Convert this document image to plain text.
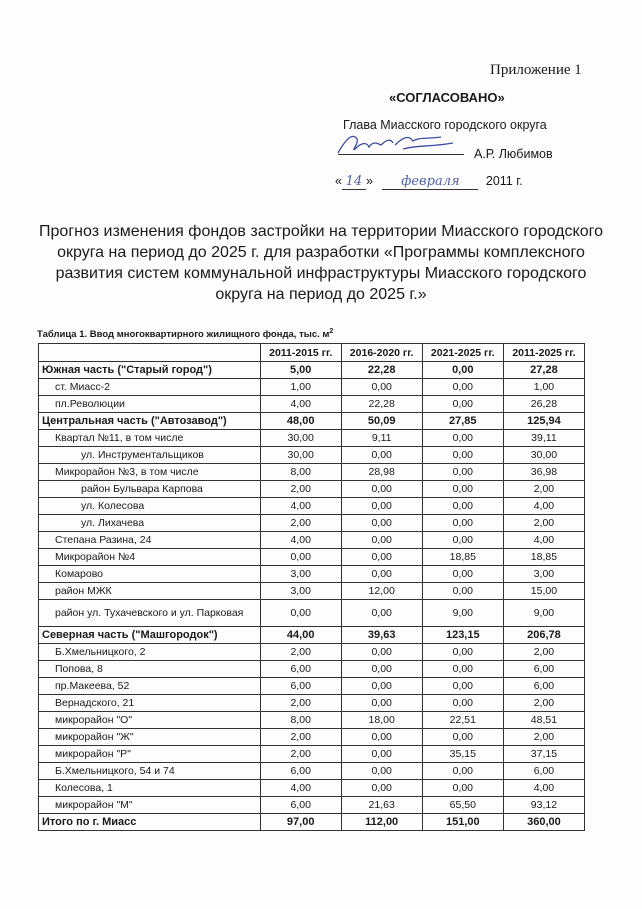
Приложение 1
«СОГЛАСОВАНО»
Глава Миасского городского округа
А.Р. Любимов
« 14 » февраля 2011 г.
Прогноз изменения фондов застройки на территории Миасского городского округа на период до 2025 г. для разработки «Программы комплексного развития систем коммунальной инфраструктуры Миасского городского округа на период до 2025 г.»
Таблица 1. Ввод многоквартирного жилищного фонда, тыс. $м^2$
	2011-2015 гг.	2016-2020 гг.	2021-2025 гг.	2011-2025 гг.
Южная часть ("Старый город")	5,00	22,28	0,00	27,28
ст. Миасс-2	1,00	0,00	0,00	1,00
пл.Революции	4,00	22,28	0,00	26,28
Центральная часть ("Автозавод")	48,00	50,09	27,85	125,94
Квартал №11, в том числе	30,00	9,11	0,00	39,11
ул. Инструментальщиков	30,00	0,00	0,00	30,00
Микрорайон №3, в том числе	8,00	28,98	0,00	36,98
район Бульвара Карпова	2,00	0,00	0,00	2,00
ул. Колесова	4,00	0,00	0,00	4,00
ул. Лихачева	2,00	0,00	0,00	2,00
Степана Разина, 24	4,00	0,00	0,00	4,00
Микрорайон №4	0,00	0,00	18,85	18,85
Комарово	3,00	0,00	0,00	3,00
район МЖК	3,00	12,00	0,00	15,00
район ул. Тухачевского и ул. Парковая	0,00	0,00	9,00	9,00
Северная часть ("Машгородок")	44,00	39,63	123,15	206,78
Б.Хмельницкого, 2	2,00	0,00	0,00	2,00
Попова, 8	6,00	0,00	0,00	6,00
пр.Макеева, 52	6,00	0,00	0,00	6,00
Вернадского, 21	2,00	0,00	0,00	2,00
микрорайон "О"	8,00	18,00	22,51	48,51
микрорайон "Ж"	2,00	0,00	0,00	2,00
микрорайон "Р"	2,00	0,00	35,15	37,15
Б.Хмельницкого, 54 и 74	6,00	0,00	0,00	6,00
Колесова, 1	4,00	0,00	0,00	4,00
микрорайон "М"	6,00	21,63	65,50	93,12
Итого по г. Миасс	97,00	112,00	151,00	360,00
